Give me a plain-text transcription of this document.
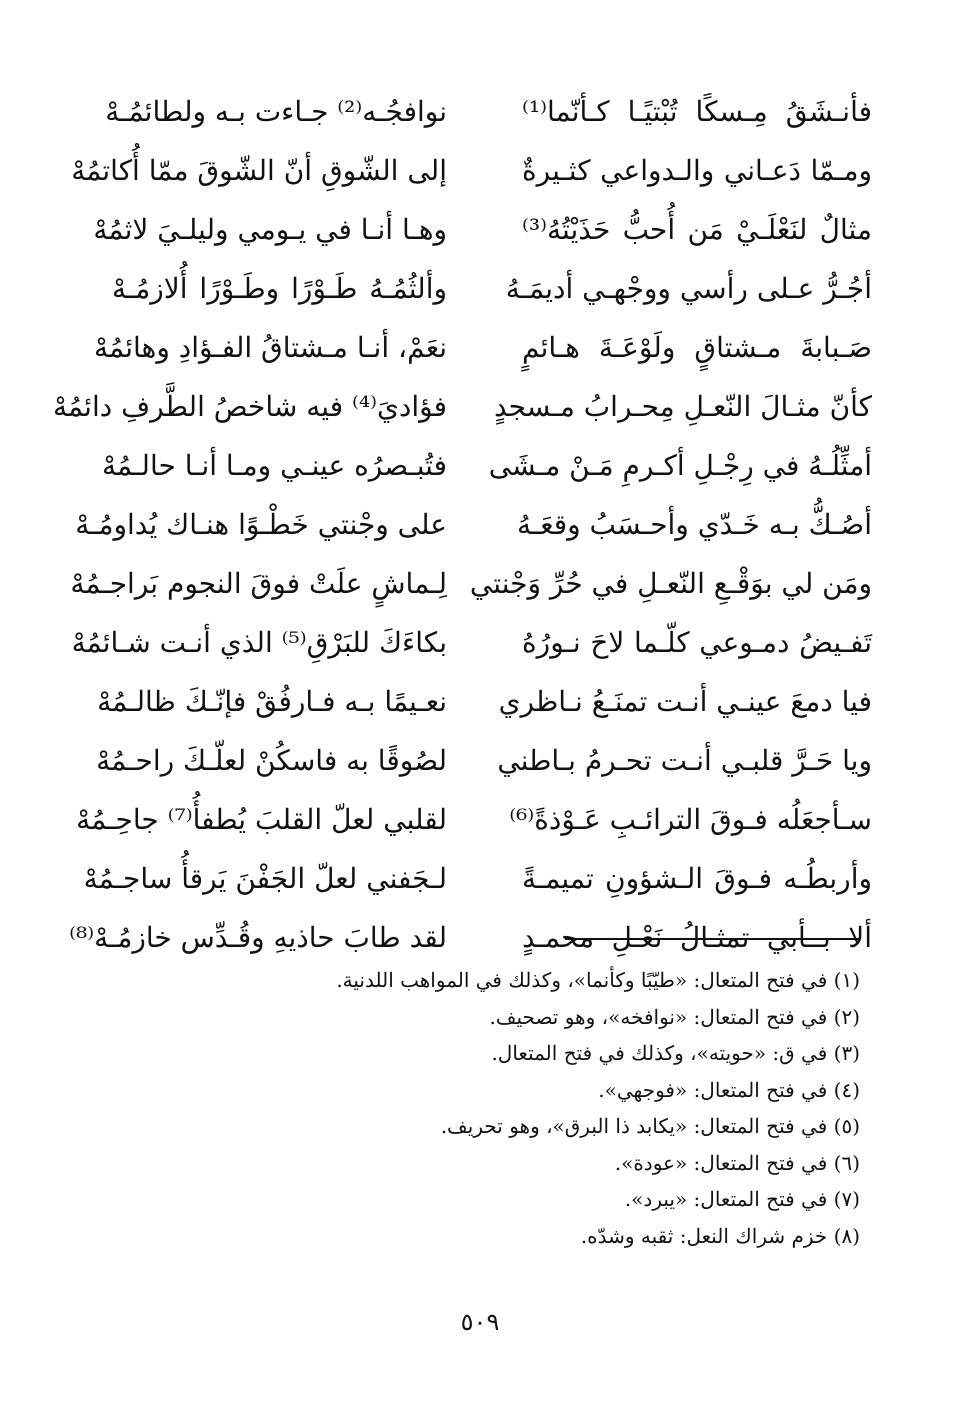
فأنـشَقُ مِـسكًا تُبْتيًـا كـأنّما⁽¹⁾
نوافجُـه⁽²⁾ جـاءت بـه ولطائمُـهْ
ومـمّا دَعـاني والـدواعي كثـيرةٌ
إلى الشّوقِ أنّ الشّوقَ ممّا أُكاتمُهْ
مثالٌ لنَعْلَـيْ مَن أُحبُّ حَذَيْتُهُ⁽³⁾
وهـا أنـا في يـومي وليلـيَ لاثمُهْ
أجُـرُّ عـلى رأسي ووجْهـي أديمَـهُ
وألثُمُـهُ طَـوْرًا وطَـوْرًا أُلازمُـهْ
صَـبابةَ مـشتاقٍ ولَوْعَـةَ هـائمٍ
نعَمْ، أنـا مـشتاقُ الفـؤادِ وهائمُهْ
كأنّ مثـالَ النّعـلِ مِحـرابُ مـسجدٍ
فؤاديَ⁽⁴⁾ فيه شاخصُ الطَّرفِ دائمُهْ
أمثِّلُـهُ في رِجْـلِ أكـرمِ مَـنْ مـشَى
فتُبـصرُه عينـي ومـا أنـا حالـمُهْ
أصُـكُّ بـه خَـدّي وأحـسَبُ وقعَـهُ
على وجْنتي خَطْـوًا هنـاك يُداومُـهْ
ومَن لي بوَقْـعِ النّعـلِ في حُرِّ وَجْنتي
لِـماشٍ علَتْ فوقَ النجوم بَراجـمُهْ
تَفـيضُ دمـوعي كلّـما لاحَ نـورُهُ
بكاءَكَ للبَرْقِ⁽⁵⁾ الذي أنـت شـائمُهْ
فيا دمعَ عينـي أنـت تمنَـعُ نـاظري
نعـيمًا بـه فـارفُقْ فإنّـكَ ظالـمُهْ
ويا حَـرَّ قلبـي أنـت تحـرمُ بـاطني
لصُوقًا به فاسكُنْ لعلّـكَ راحـمُهْ
سـأجعَلُه فـوقَ الترائـبِ عَـوْذةً⁽⁶⁾
لقلبي لعلّ القلبَ يُطفأُ⁽⁷⁾ جاحِـمُهْ
وأربطُـه فـوقَ الـشؤونِ تميمـةً
لـجَفني لعلّ الجَفْنَ يَرقأُ ساجـمُهْ
ألا بــأبي تمثـالُ نَعْـلِ محمـدٍ
لقد طابَ حاذيهِ وقُـدِّس خازمُـهْ⁽⁸⁾
(١) في فتح المتعال: «طيّبًا وكأنما»، وكذلك في المواهب اللدنية.
(٢) في فتح المتعال: «نوافخه»، وهو تصحيف.
(٣) في ق: «حويته»، وكذلك في فتح المتعال.
(٤) في فتح المتعال: «فوجهي».
(٥) في فتح المتعال: «يكابد ذا البرق»، وهو تحريف.
(٦) في فتح المتعال: «عودة».
(٧) في فتح المتعال: «يبرد».
(٨) خزم شراك النعل: ثقبه وشدّه.
٥٠٩
